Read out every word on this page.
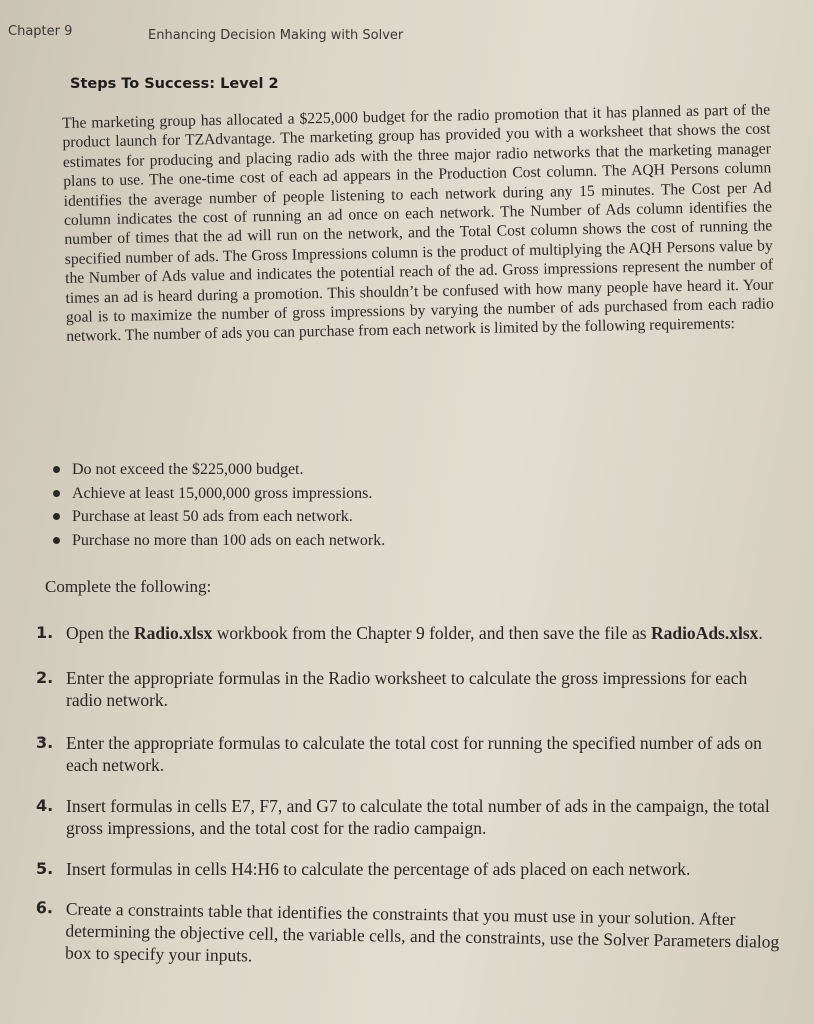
Chapter 9	Enhancing Decision Making with Solver
Steps To Success: Level 2

The marketing group has allocated a $225,000 budget for the radio promotion that it has planned as part of the product launch for TZAdvantage. The marketing group has provided you with a worksheet that shows the cost estimates for producing and placing radio ads with the three major radio networks that the marketing manager plans to use. The one-time cost of each ad appears in the Production Cost column. The AQH Persons column identifies the average number of people listening to each network during any 15 minutes. The Cost per Ad column indicates the cost of running an ad once on each network. The Number of Ads column identifies the number of times that the ad will run on the network, and the Total Cost column shows the cost of running the specified number of ads. The Gross Impressions column is the product of multiplying the AQH Persons value by the Number of Ads value and indicates the potential reach of the ad. Gross impressions represent the number of times an ad is heard during a promotion. This shouldn’t be confused with how many people have heard it. Your goal is to maximize the number of gross impressions by varying the number of ads purchased from each radio network. The number of ads you can purchase from each network is limited by the following requirements:

Do not exceed the $225,000 budget.
Achieve at least 15,000,000 gross impressions.
Purchase at least 50 ads from each network.
Purchase no more than 100 ads on each network.
Complete the following:
1. Open the Radio.xlsx workbook from the Chapter 9 folder, and then save the file as RadioAds.xlsx.
2. Enter the appropriate formulas in the Radio worksheet to calculate the gross impressions for each radio network.
3. Enter the appropriate formulas to calculate the total cost for running the specified number of ads on each network.
4. Insert formulas in cells E7, F7, and G7 to calculate the total number of ads in the campaign, the total gross impressions, and the total cost for the radio campaign.
5. Insert formulas in cells H4:H6 to calculate the percentage of ads placed on each network.
6. Create a constraints table that identifies the constraints that you must use in your solution. After determining the objective cell, the variable cells, and the constraints, use the Solver Parameters dialog box to specify your inputs.
